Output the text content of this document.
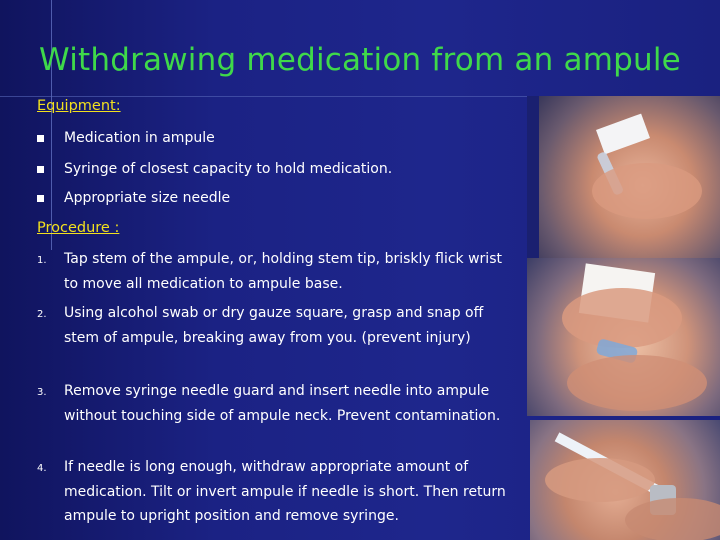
Withdrawing medication from an ampule
Equipment:
Medication in ampule
Syringe of closest capacity to hold medication.
Appropriate size needle
Procedure :
1. Tap stem of the ampule, or, holding stem tip, briskly flick wrist to move all medication to ampule base.
2. Using alcohol swab or dry gauze square, grasp and snap off stem of ampule, breaking away from you. (prevent injury)
3. Remove syringe needle guard and insert needle into ampule without touching side of ampule neck. Prevent contamination.
4. If needle is long enough, withdraw appropriate amount of medication. Tilt or invert ampule if needle is short. Then return ampule to upright position and remove syringe.
